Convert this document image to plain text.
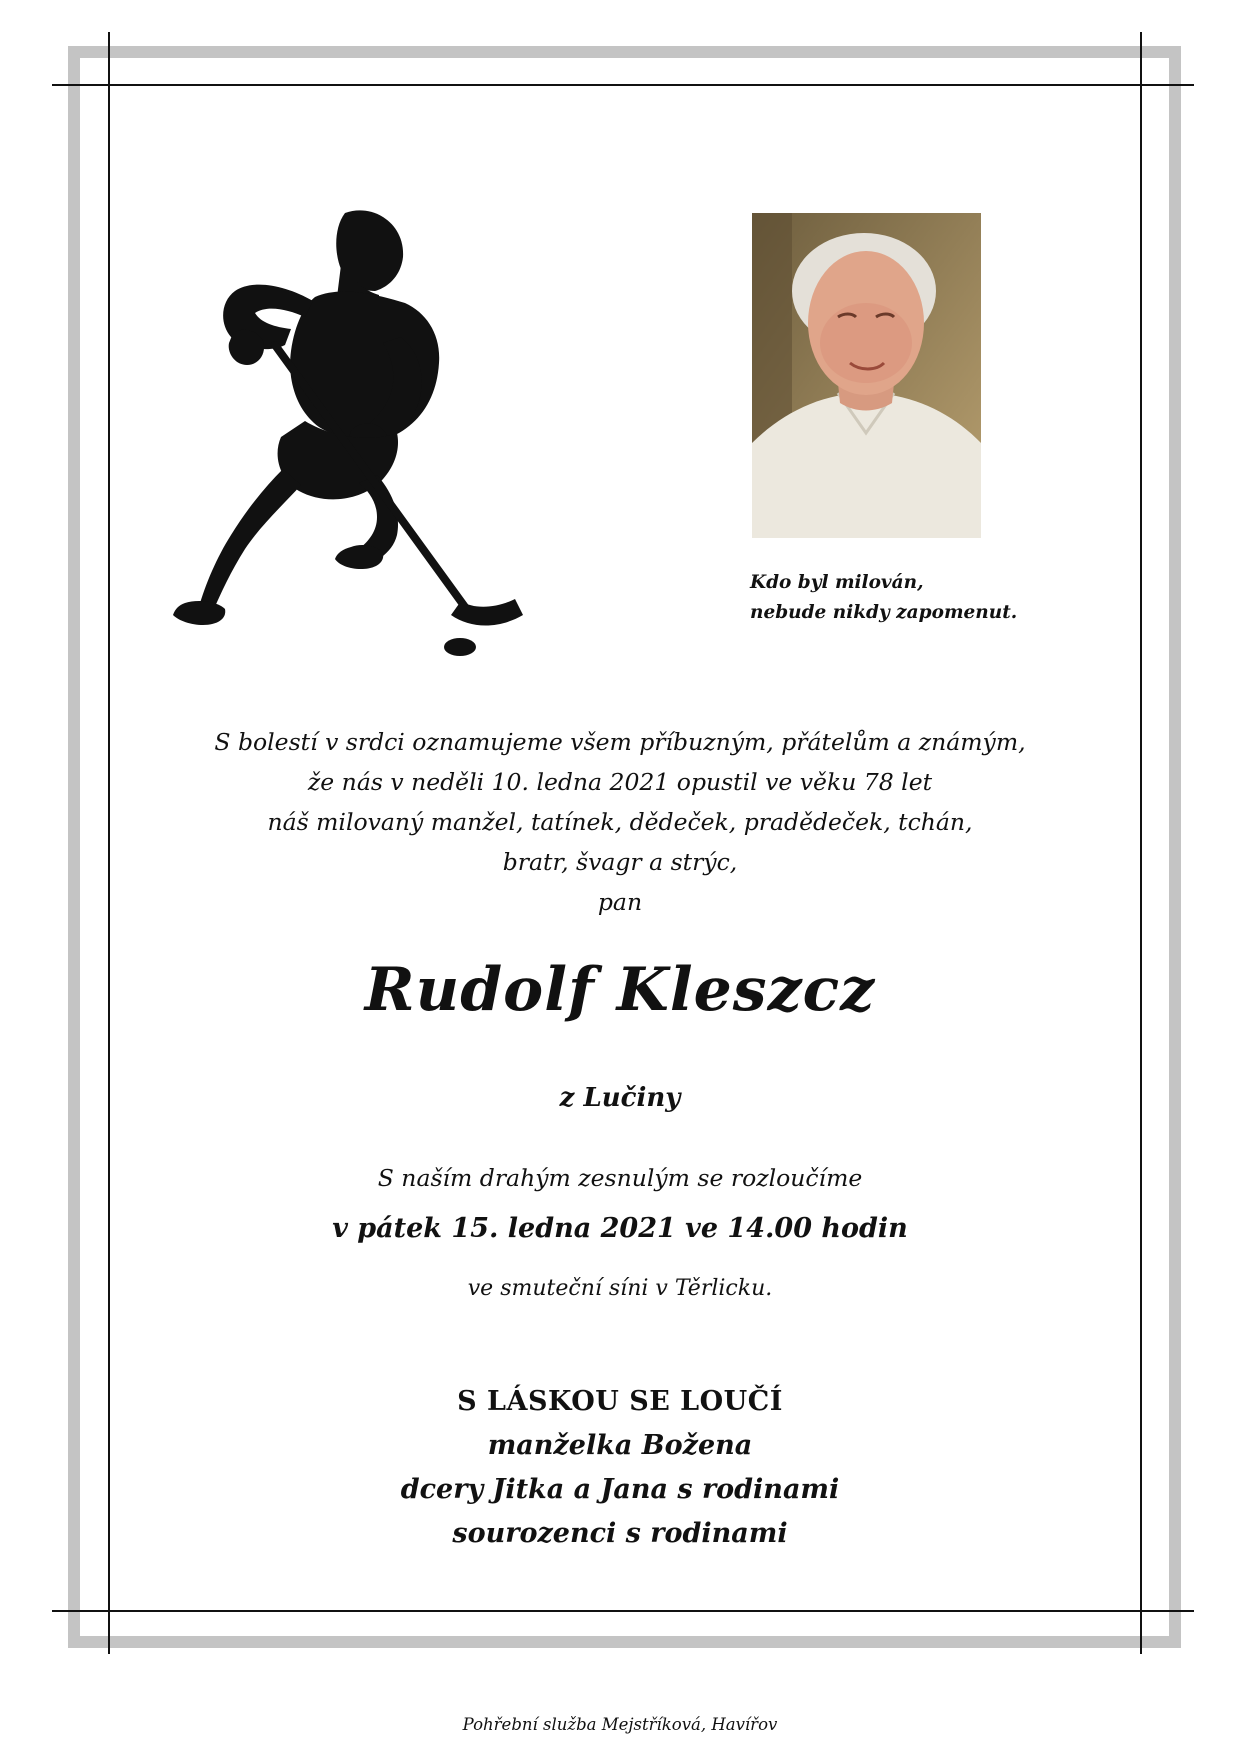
Kdo byl milován,
nebude nikdy zapomenut.
S bolestí v srdci oznamujeme všem příbuzným, přátelům a známým,
že nás v neděli 10. ledna 2021 opustil ve věku 78 let
náš milovaný manžel, tatínek, dědeček, pradědeček, tchán,
bratr, švagr a strýc,
pan
Rudolf Kleszcz
z Lučiny
S naším drahým zesnulým se rozloučíme
v pátek 15. ledna 2021 ve 14.00 hodin
ve smuteční síni v Těrlicku.
S LÁSKOU SE LOUČÍ
manželka Božena
dcery Jitka a Jana s rodinami
sourozenci s rodinami
Pohřební služba Mejstříková, Havířov
